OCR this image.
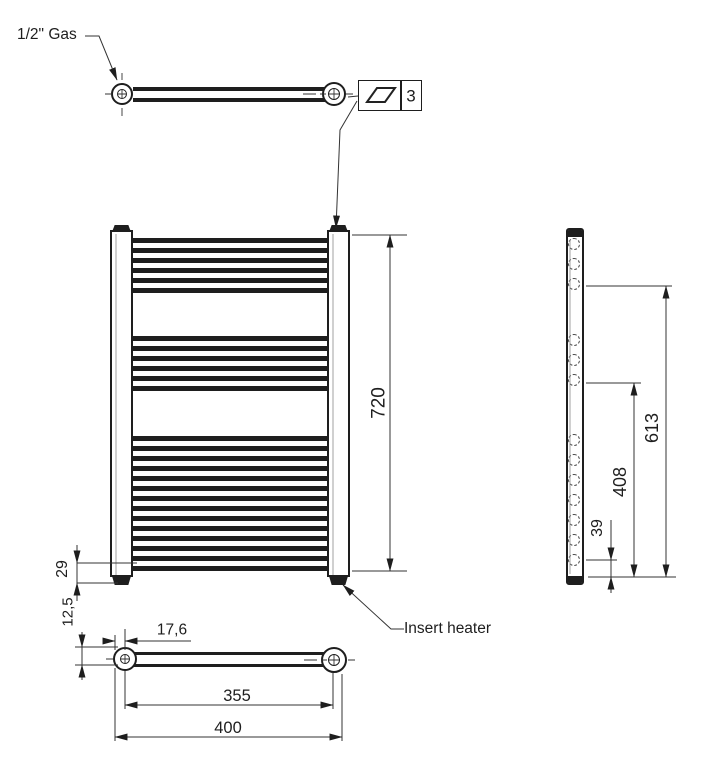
3
1/2" Gas
Insert heater
720
29
613
408
39
12,5
17,6
355
400
